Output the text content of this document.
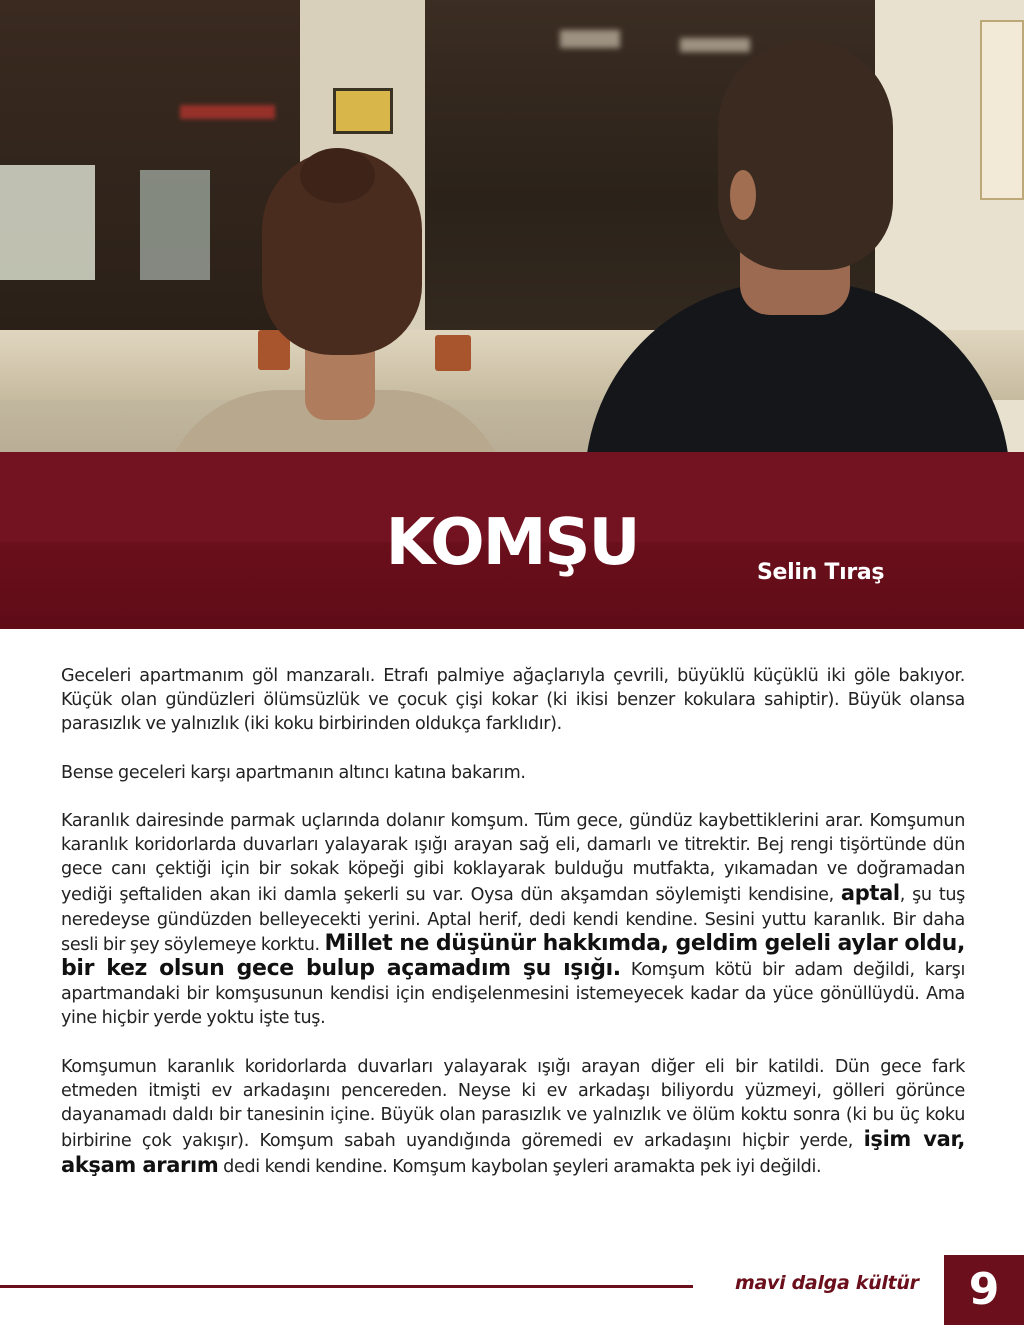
KOMŞU	Selin Tıraş

Geceleri apartmanım göl manzaralı. Etrafı palmiye ağaçlarıyla çevrili, büyüklü küçüklü iki göle bakıyor. Küçük olan gündüzleri ölümsüzlük ve çocuk çişi kokar (ki ikisi benzer kokulara sahiptir). Büyük olansa parasızlık ve yalnızlık (iki koku birbirinden oldukça farklıdır).

Bense geceleri karşı apartmanın altıncı katına bakarım.

Karanlık dairesinde parmak uçlarında dolanır komşum. Tüm gece, gündüz kaybettiklerini arar. Komşumun karanlık koridorlarda duvarları yalayarak ışığı arayan sağ eli, damarlı ve titrektir. Bej rengi tişörtünde dün gece canı çektiği için bir sokak köpeği gibi koklayarak bulduğu mutfakta, yıkamadan ve doğramadan yediği şeftaliden akan iki damla şekerli su var. Oysa dün akşamdan söylemişti kendisine, aptal, şu tuş neredeyse gündüzden belleyecekti yerini. Aptal herif, dedi kendi kendine. Sesini yuttu karanlık. Bir daha sesli bir şey söylemeye korktu. Millet ne düşünür hakkımda, geldim geleli aylar oldu, bir kez olsun gece bulup açamadım şu ışığı. Komşum kötü bir adam değildi, karşı apartmandaki bir komşusunun kendisi için endişelenmesini istemeyecek kadar da yüce gönüllüydü. Ama yine hiçbir yerde yoktu işte tuş.

Komşumun karanlık koridorlarda duvarları yalayarak ışığı arayan diğer eli bir katildi. Dün gece fark etmeden itmişti ev arkadaşını pencereden. Neyse ki ev arkadaşı biliyordu yüzmeyi, gölleri görünce dayanamadı daldı bir tanesinin içine. Büyük olan parasızlık ve yalnızlık ve ölüm koktu sonra (ki bu üç koku birbirine çok yakışır). Komşum sabah uyandığında göremedi ev arkadaşını hiçbir yerde, işim var, akşam ararım dedi kendi kendine. Komşum kaybolan şeyleri aramakta pek iyi değildi.

mavi dalga kültür	9
